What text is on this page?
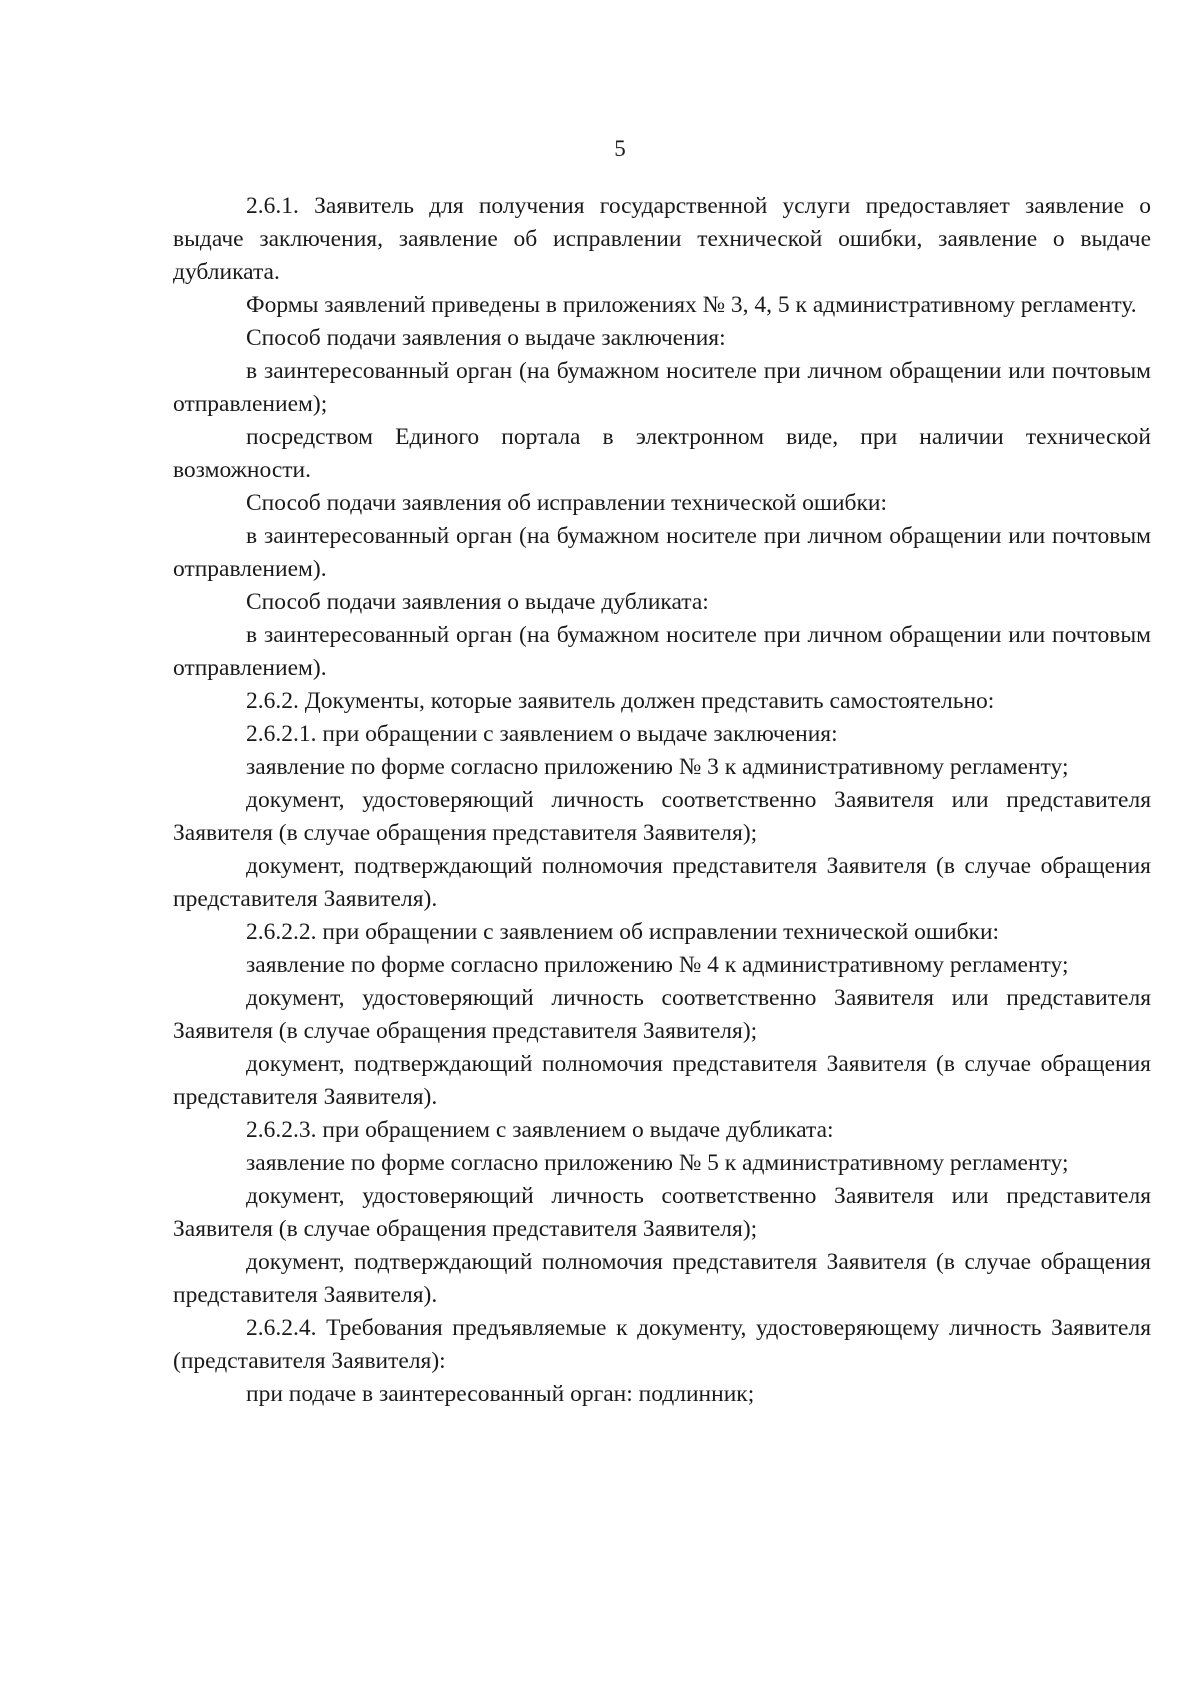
5

2.6.1. Заявитель для получения государственной услуги предоставляет заявление о выдаче заключения, заявление об исправлении технической ошибки, заявление о выдаче дубликата.

Формы заявлений приведены в приложениях № 3, 4, 5 к административному регламенту.

Способ подачи заявления о выдаче заключения:

в заинтересованный орган (на бумажном носителе при личном обращении или почтовым отправлением);

посредством Единого портала в электронном виде, при наличии технической возможности.

Способ подачи заявления об исправлении технической ошибки:

в заинтересованный орган (на бумажном носителе при личном обращении или почтовым отправлением).

Способ подачи заявления о выдаче дубликата:

в заинтересованный орган (на бумажном носителе при личном обращении или почтовым отправлением).

2.6.2. Документы, которые заявитель должен представить самостоятельно:

2.6.2.1. при обращении с заявлением о выдаче заключения:

заявление по форме согласно приложению № 3 к административному регламенту;

документ, удостоверяющий личность соответственно Заявителя или представителя Заявителя (в случае обращения представителя Заявителя);

документ, подтверждающий полномочия представителя Заявителя (в случае обращения представителя Заявителя).

2.6.2.2. при обращении с заявлением об исправлении технической ошибки:

заявление по форме согласно приложению № 4 к административному регламенту;

документ, удостоверяющий личность соответственно Заявителя или представителя Заявителя (в случае обращения представителя Заявителя);

документ, подтверждающий полномочия представителя Заявителя (в случае обращения представителя Заявителя).

2.6.2.3. при обращением с заявлением о выдаче дубликата:

заявление по форме согласно приложению № 5 к административному регламенту;

документ, удостоверяющий личность соответственно Заявителя или представителя Заявителя (в случае обращения представителя Заявителя);

документ, подтверждающий полномочия представителя Заявителя (в случае обращения представителя Заявителя).

2.6.2.4. Требования предъявляемые к документу, удостоверяющему личность Заявителя (представителя Заявителя):

при подаче в заинтересованный орган: подлинник;
